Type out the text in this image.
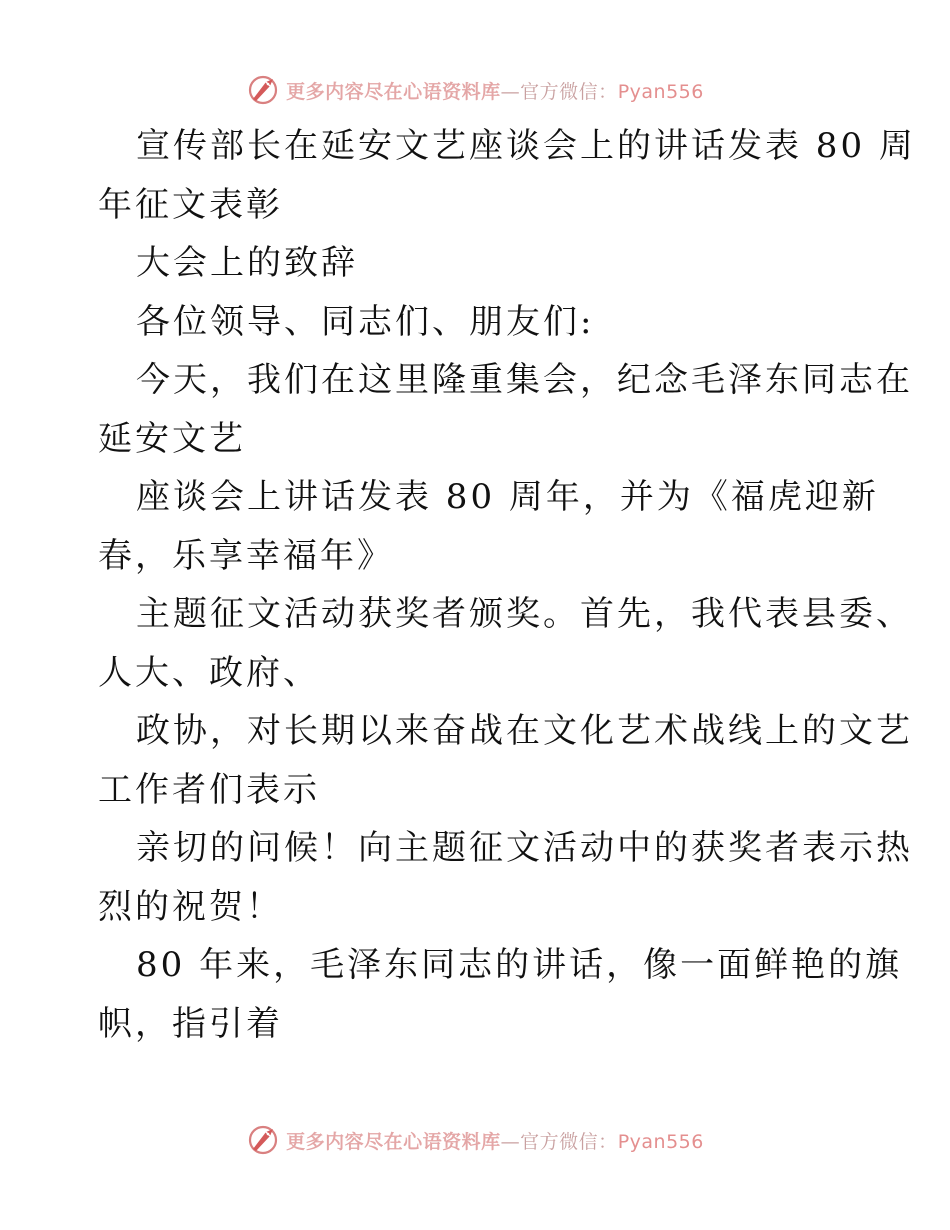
更多内容尽在心语资料库—官方微信：Pyan556

宣传部长在延安文艺座谈会上的讲话发表 80 周
年征文表彰

大会上的致辞

各位领导、同志们、朋友们:

今天，我们在这里隆重集会，纪念毛泽东同志在
延安文艺

座谈会上讲话发表 80 周年，并为《福虎迎新
春，乐享幸福年》

主题征文活动获奖者颁奖。首先，我代表县委、
人大、政府、

政协，对长期以来奋战在文化艺术战线上的文艺
工作者们表示

亲切的问候！向主题征文活动中的获奖者表示热
烈的祝贺！

80 年来，毛泽东同志的讲话，像一面鲜艳的旗
帜，指引着

更多内容尽在心语资料库—官方微信：Pyan556
